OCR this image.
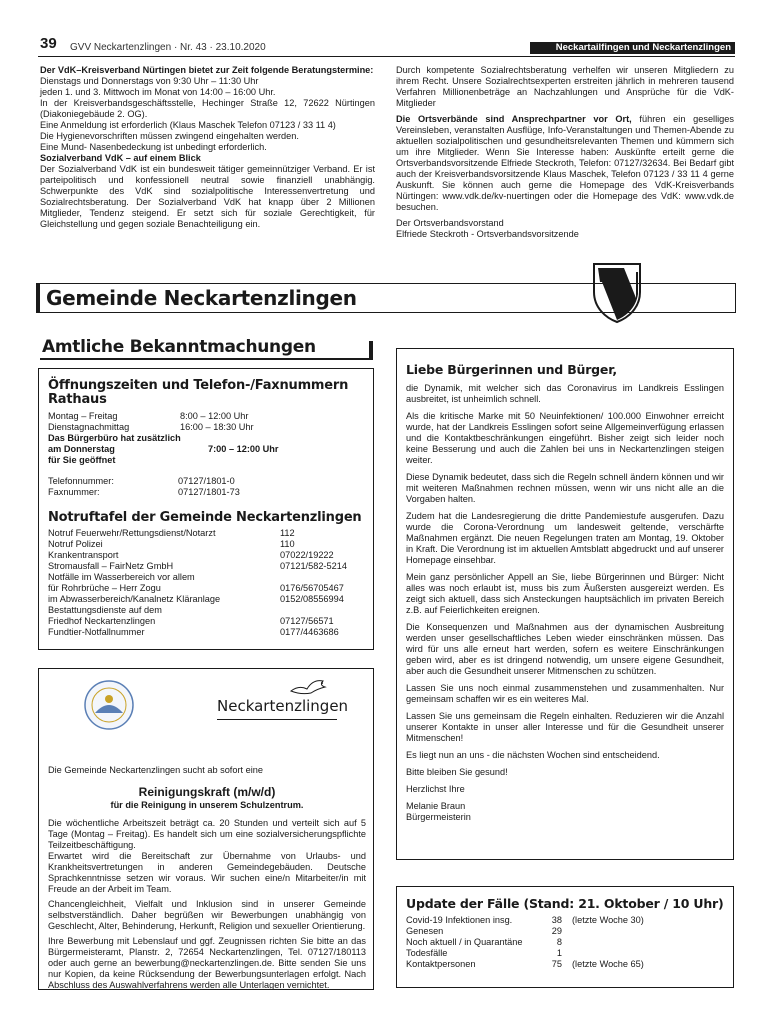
39 GVV Neckartenzlingen · Nr. 43 · 23.10.2020	Neckartailfingen und Neckartenzlingen

Der VdK–Kreisverband Nürtingen bietet zur Zeit folgende Beratungstermine:

Dienstags und Donnerstags von 9:30 Uhr – 11:30 Uhr

jeden 1. und 3. Mittwoch im Monat von 14:00 – 16:00 Uhr.

In der Kreisverbandsgeschäftsstelle, Hechinger Straße 12, 72622 Nürtingen (Diakoniegebäude 2. OG).

Eine Anmeldung ist erforderlich (Klaus Maschek Telefon 07123 / 33 11 4)

Die Hygienevorschriften müssen zwingend eingehalten werden.

Eine Mund- Nasenbedeckung ist unbedingt erforderlich.

Sozialverband VdK – auf einem Blick

Der Sozialverband VdK ist ein bundesweit tätiger gemeinnütziger Verband. Er ist parteipolitisch und konfessionell neutral sowie finanziell unabhängig. Schwerpunkte des VdK sind sozialpolitische Interessenvertretung und Sozialrechtsberatung. Der Sozialverband VdK hat knapp über 2 Millionen Mitglieder, Tendenz steigend. Er setzt sich für soziale Gerechtigkeit, für Gleichstellung und gegen soziale Benachteiligung ein.

Durch kompetente Sozialrechtsberatung verhelfen wir unseren Mitgliedern zu ihrem Recht. Unsere Sozialrechtsexperten erstreiten jährlich in mehreren tausend Verfahren Millionenbeträge an Nachzahlungen und Ansprüche für die VdK-Mitglieder

Die Ortsverbände sind Ansprechpartner vor Ort, führen ein geselliges Vereinsleben, veranstalten Ausflüge, Info-Veranstaltungen und Themen-Abende zu aktuellen sozialpolitischen und gesundheitsrelevanten Themen und kümmern sich um ihre Mitglieder. Wenn Sie Interesse haben: Auskünfte erteilt gerne die Ortsverbandsvorsitzende Elfriede Steckroth, Telefon: 07127/32634. Bei Bedarf gibt auch der Kreisverbandsvorsitzende Klaus Maschek, Telefon 07123 / 33 11 4 gerne Auskunft. Sie können auch gerne die Homepage des VdK-Kreisverbands Nürtingen: www.vdk.de/kv-nuertingen oder die Homepage des VdK: www.vdk.de besuchen.

Der Ortsverbandsvorstand

Elfriede Steckroth - Ortsverbandsvorsitzende

Gemeinde Neckartenzlingen
Amtliche Bekanntmachungen
Öffnungszeiten und Telefon-/Faxnummern Rathaus
Montag – Freitag	8:00 – 12:00 Uhr
Dienstagnachmittag	16:00 – 18:30 Uhr

Das Bürgerbüro hat zusätzlich

am Donnerstag	7:00 – 12:00 Uhr

für Sie geöffnet

Telefonnummer:	07127/1801-0
Faxnummer:	07127/1801-73
Notruftafel der Gemeinde Neckartenzlingen
Notruf Feuerwehr/Rettungsdienst/Notarzt	112
Notruf Polizei	110
Krankentransport	07022/19222
Stromausfall – FairNetz GmbH	07121/582-5214
Notfälle im Wasserbereich vor allem	
für Rohrbrüche – Herr Zogu	0176/56705467
im Abwasserbereich/Kanalnetz Kläranlage	0152/08556994
Bestattungsdienste auf dem	
Friedhof Neckartenzlingen	07127/56571
Fundtier-Notfallnummer	0177/4463686
Neckartenzlingen

Die Gemeinde Neckartenzlingen sucht ab sofort eine

Reinigungskraft (m/w/d)

für die Reinigung in unserem Schulzentrum.

Die wöchentliche Arbeitszeit beträgt ca. 20 Stunden und verteilt sich auf 5 Tage (Montag – Freitag). Es handelt sich um eine sozialversicherungspflichte Teilzeitbeschäftigung.

Erwartet wird die Bereitschaft zur Übernahme von Urlaubs- und Krankheitsvertretungen in anderen Gemeindegebäuden. Deutsche Sprachkenntnisse setzen wir voraus. Wir suchen eine/n Mitarbeiter/in mit Freude an der Arbeit im Team.

Chancengleichheit, Vielfalt und Inklusion sind in unserer Gemeinde selbstverständlich. Daher begrüßen wir Bewerbungen unabhängig von Geschlecht, Alter, Behinderung, Herkunft, Religion und sexueller Orientierung.

Ihre Bewerbung mit Lebenslauf und ggf. Zeugnissen richten Sie bitte an das Bürgermeisteramt, Planstr. 2, 72654 Neckartenzlingen, Tel. 07127/180113 oder auch gerne an bewerbung@neckartenzlingen.de. Bitte senden Sie uns nur Kopien, da keine Rücksendung der Bewerbungsunterlagen erfolgt. Nach Abschluss des Auswahlverfahrens werden alle Unterlagen vernichtet.

Liebe Bürgerinnen und Bürger,

die Dynamik, mit welcher sich das Coronavirus im Landkreis Esslingen ausbreitet, ist unheimlich schnell.

Als die kritische Marke mit 50 Neuinfektionen/ 100.000 Einwohner erreicht wurde, hat der Landkreis Esslingen sofort seine Allgemeinverfügung erlassen und die Kontaktbeschränkungen eingeführt. Bisher zeigt sich leider noch keine Besserung und auch die Zahlen bei uns in Neckartenzlingen steigen weiter.

Diese Dynamik bedeutet, dass sich die Regeln schnell ändern können und wir mit weiteren Maßnahmen rechnen müssen, wenn wir uns nicht alle an die Vorgaben halten.

Zudem hat die Landesregierung die dritte Pandemiestufe ausgerufen. Dazu wurde die Corona-Verordnung um landesweit geltende, verschärfte Maßnahmen ergänzt. Die neuen Regelungen traten am Montag, 19. Oktober in Kraft. Die Verordnung ist im aktuellen Amtsblatt abgedruckt und auf unserer Homepage einsehbar.

Mein ganz persönlicher Appell an Sie, liebe Bürgerinnen und Bürger: Nicht alles was noch erlaubt ist, muss bis zum Äußersten ausgereizt werden. Es zeigt sich aktuell, dass sich Ansteckungen hauptsächlich im privaten Bereich z.B. auf Feierlichkeiten ereignen.

Die Konsequenzen und Maßnahmen aus der dynamischen Ausbreitung werden unser gesellschaftliches Leben wieder einschränken müssen. Das wird für uns alle erneut hart werden, sofern es weitere Einschränkungen geben wird, aber es ist dringend notwendig, um unsere eigene Gesundheit, aber auch die Gesundheit unserer Mitmenschen zu schützen.

Lassen Sie uns noch einmal zusammenstehen und zusammenhalten. Nur gemeinsam schaffen wir es ein weiteres Mal.

Lassen Sie uns gemeinsam die Regeln einhalten. Reduzieren wir die Anzahl unserer Kontakte in unser aller Interesse und für die Gesundheit unserer Mitmenschen!

Es liegt nun an uns - die nächsten Wochen sind entscheidend.

Bitte bleiben Sie gesund!

Herzlichst Ihre

Melanie Braun

Bürgermeisterin

Update der Fälle (Stand: 21. Oktober / 10 Uhr)
Covid-19 Infektionen insg.	38	(letzte Woche 30)
Genesen	29	
Noch aktuell / in Quarantäne	8	
Todesfälle	1	
Kontaktpersonen	75	(letzte Woche 65)
